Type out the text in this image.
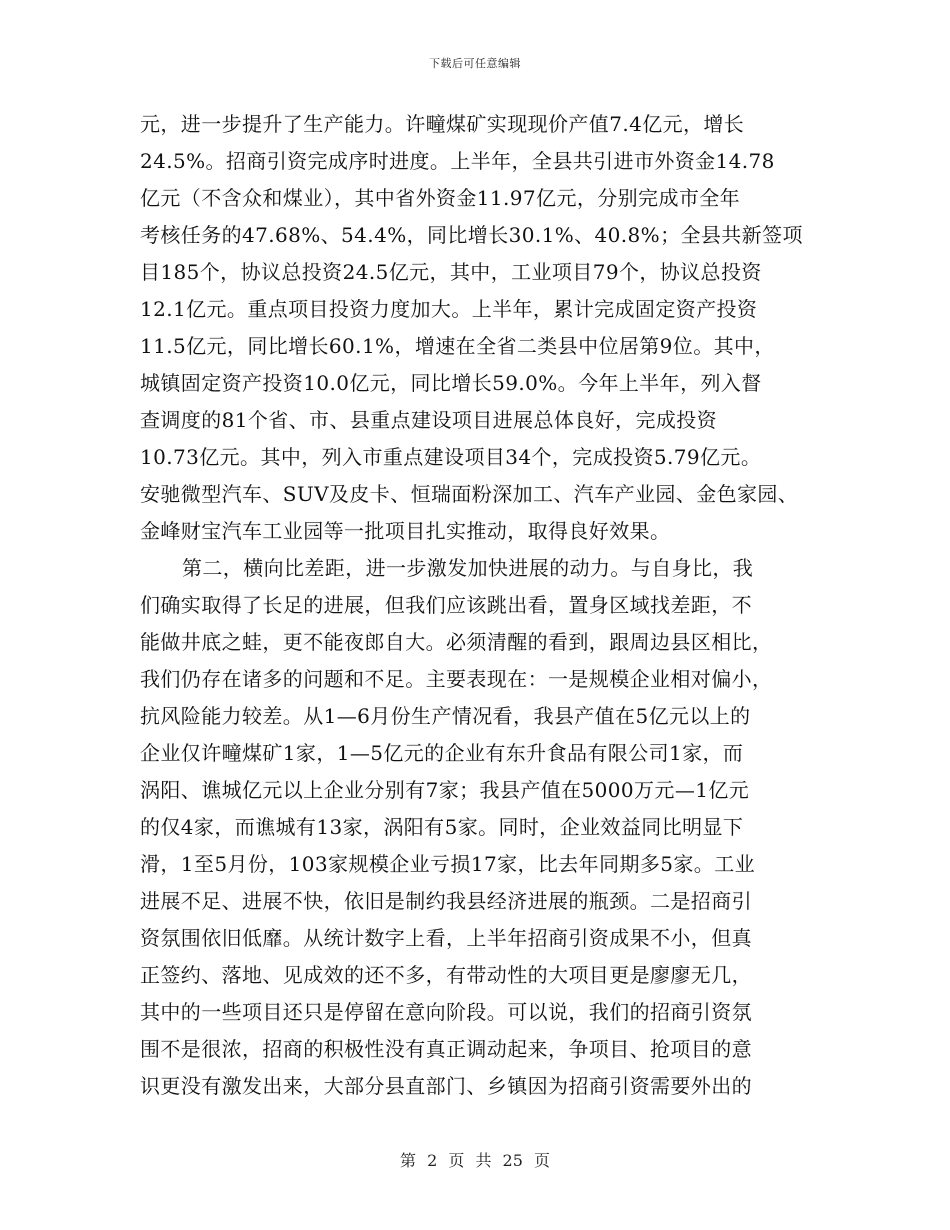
下载后可任意编辑
元，进一步提升了生产能力。许疃煤矿实现现价产值7.4亿元，增长
24.5%。招商引资完成序时进度。上半年，全县共引进市外资金14.78
亿元（不含众和煤业），其中省外资金11.97亿元，分别完成市全年
考核任务的47.68%、54.4%，同比增长30.1%、40.8%；全县共新签项
目185个，协议总投资24.5亿元，其中，工业项目79个，协议总投资
12.1亿元。重点项目投资力度加大。上半年，累计完成固定资产投资
11.5亿元，同比增长60.1%，增速在全省二类县中位居第9位。其中，
城镇固定资产投资10.0亿元，同比增长59.0%。今年上半年，列入督
查调度的81个省、市、县重点建设项目进展总体良好，完成投资
10.73亿元。其中，列入市重点建设项目34个，完成投资5.79亿元。
安驰微型汽车、SUV及皮卡、恒瑞面粉深加工、汽车产业园、金色家园、
金峰财宝汽车工业园等一批项目扎实推动，取得良好效果。
第二，横向比差距，进一步激发加快进展的动力。与自身比，我
们确实取得了长足的进展，但我们应该跳出看，置身区域找差距，不
能做井底之蛙，更不能夜郎自大。必须清醒的看到，跟周边县区相比，
我们仍存在诸多的问题和不足。主要表现在：一是规模企业相对偏小，
抗风险能力较差。从1—6月份生产情况看，我县产值在5亿元以上的
企业仅许疃煤矿1家，1—5亿元的企业有东升食品有限公司1家，而
涡阳、谯城亿元以上企业分别有7家；我县产值在5000万元—1亿元
的仅4家，而谯城有13家，涡阳有5家。同时，企业效益同比明显下
滑，1至5月份，103家规模企业亏损17家，比去年同期多5家。工业
进展不足、进展不快，依旧是制约我县经济进展的瓶颈。二是招商引
资氛围依旧低靡。从统计数字上看，上半年招商引资成果不小，但真
正签约、落地、见成效的还不多，有带动性的大项目更是廖廖无几，
其中的一些项目还只是停留在意向阶段。可以说，我们的招商引资氛
围不是很浓，招商的积极性没有真正调动起来，争项目、抢项目的意
识更没有激发出来，大部分县直部门、乡镇因为招商引资需要外出的
第 2 页 共 25 页
